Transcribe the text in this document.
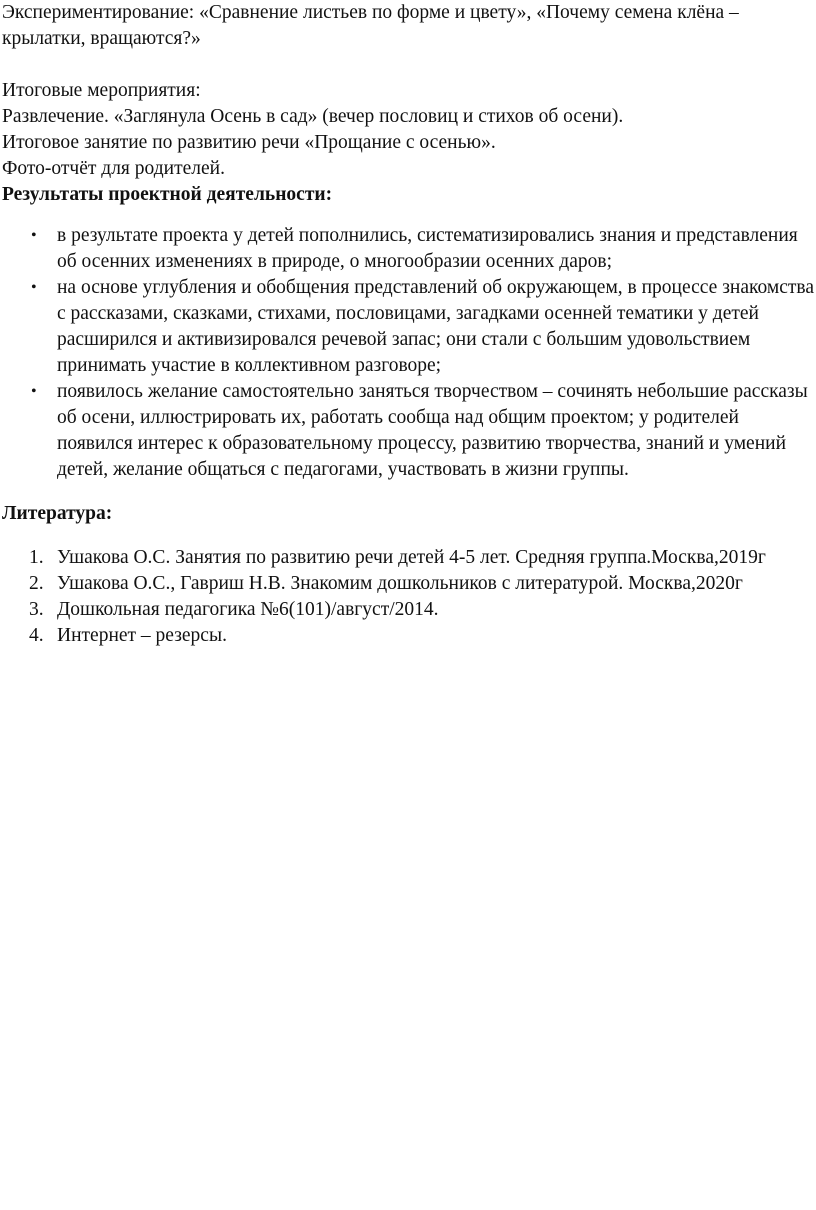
Экспериментирование: «Сравнение листьев по форме и цвету», «Почему семена клёна – крылатки, вращаются?»

Итоговые мероприятия:

Развлечение. «Заглянула Осень в сад» (вечер пословиц и стихов об осени).

Итоговое занятие по развитию речи «Прощание с осенью».

Фото-отчёт для родителей.

Результаты проектной деятельности:

• в результате проекта у детей пополнились, систематизировались знания и представления об осенних изменениях в природе, о многообразии осенних даров;
• на основе углубления и обобщения представлений об окружающем, в процессе знакомства с рассказами, сказками, стихами, пословицами, загадками осенней тематики у детей расширился и активизировался речевой запас; они стали с большим удовольствием принимать участие в коллективном разговоре;
• появилось желание самостоятельно заняться творчеством – сочинять небольшие рассказы об осени, иллюстрировать их, работать сообща над общим проектом; у родителей появился интерес к образовательному процессу, развитию творчества, знаний и умений детей, желание общаться с педагогами, участвовать в жизни группы.

Литература:

1. Ушакова О.С. Занятия по развитию речи детей 4-5 лет. Средняя группа.Москва,2019г
2. Ушакова О.С., Гавриш Н.В. Знакомим дошкольников с литературой. Москва,2020г
3. Дошкольная педагогика №6(101)/август/2014.
4. Интернет – резерсы.
